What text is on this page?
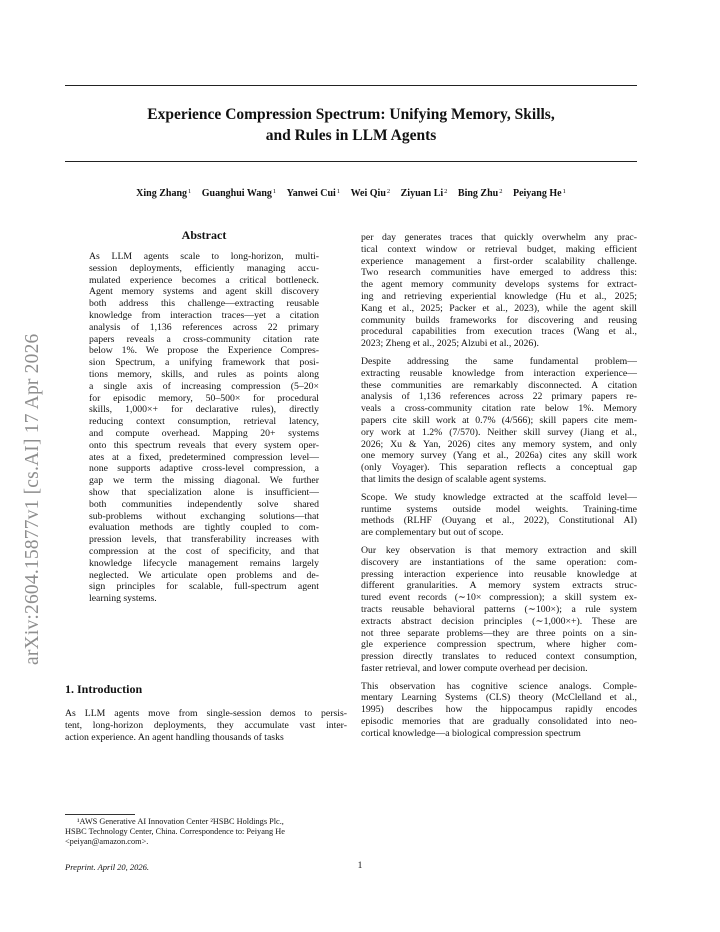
arXiv:2604.15877v1 [cs.AI] 17 Apr 2026
Experience Compression Spectrum: Unifying Memory, Skills,
and Rules in LLM Agents
Xing Zhang$^1$ Guanghui Wang$^1$ Yanwei Cui$^1$ Wei Qiu$^2$ Ziyuan Li$^2$ Bing Zhu$^2$ Peiyang He$^1$
Abstract
As LLM agents scale to long-horizon, multi-
session deployments, efficiently managing accu-
mulated experience becomes a critical bottleneck.
Agent memory systems and agent skill discovery
both address this challenge—extracting reusable
knowledge from interaction traces—yet a citation
analysis of 1,136 references across 22 primary
papers reveals a cross-community citation rate
below 1%. We propose the Experience Compres-
sion Spectrum, a unifying framework that posi-
tions memory, skills, and rules as points along
a single axis of increasing compression (5–20×
for episodic memory, 50–500× for procedural
skills, 1,000×+ for declarative rules), directly
reducing context consumption, retrieval latency,
and compute overhead. Mapping 20+ systems
onto this spectrum reveals that every system oper-
ates at a fixed, predetermined compression level—
none supports adaptive cross-level compression, a
gap we term the missing diagonal. We further
show that specialization alone is insufficient—
both communities independently solve shared
sub-problems without exchanging solutions—that
evaluation methods are tightly coupled to com-
pression levels, that transferability increases with
compression at the cost of specificity, and that
knowledge lifecycle management remains largely
neglected. We articulate open problems and de-
sign principles for scalable, full-spectrum agent
learning systems.
1. Introduction
As LLM agents move from single-session demos to persis-
tent, long-horizon deployments, they accumulate vast inter-
action experience. An agent handling thousands of tasks
¹AWS Generative AI Innovation Center ²HSBC Holdings Plc.,
HSBC Technology Center, China. Correspondence to: Peiyang He
<peiyan@amazon.com>.
Preprint. April 20, 2026.

per day generates traces that quickly overwhelm any prac-
tical context window or retrieval budget, making efficient
experience management a first-order scalability challenge.
Two research communities have emerged to address this:
the agent memory community develops systems for extract-
ing and retrieving experiential knowledge (Hu et al., 2025;
Kang et al., 2025; Packer et al., 2023), while the agent skill
community builds frameworks for discovering and reusing
procedural capabilities from execution traces (Wang et al.,
2023; Zheng et al., 2025; Alzubi et al., 2026).

Despite addressing the same fundamental problem—
extracting reusable knowledge from interaction experience—
these communities are remarkably disconnected. A citation
analysis of 1,136 references across 22 primary papers re-
veals a cross-community citation rate below 1%. Memory
papers cite skill work at 0.7% (4/566); skill papers cite mem-
ory work at 1.2% (7/570). Neither skill survey (Jiang et al.,
2026; Xu & Yan, 2026) cites any memory system, and only
one memory survey (Yang et al., 2026a) cites any skill work
(only Voyager). This separation reflects a conceptual gap
that limits the design of scalable agent systems.

Scope. We study knowledge extracted at the scaffold level—
runtime systems outside model weights. Training-time
methods (RLHF (Ouyang et al., 2022), Constitutional AI)
are complementary but out of scope.

Our key observation is that memory extraction and skill
discovery are instantiations of the same operation: com-
pressing interaction experience into reusable knowledge at
different granularities. A memory system extracts struc-
tured event records (∼10× compression); a skill system ex-
tracts reusable behavioral patterns (∼100×); a rule system
extracts abstract decision principles (∼1,000×+). These are
not three separate problems—they are three points on a sin-
gle experience compression spectrum, where higher com-
pression directly translates to reduced context consumption,
faster retrieval, and lower compute overhead per decision.

This observation has cognitive science analogs. Comple-
mentary Learning Systems (CLS) theory (McClelland et al.,
1995) describes how the hippocampus rapidly encodes
episodic memories that are gradually consolidated into neo-
cortical knowledge—a biological compression spectrum

1
